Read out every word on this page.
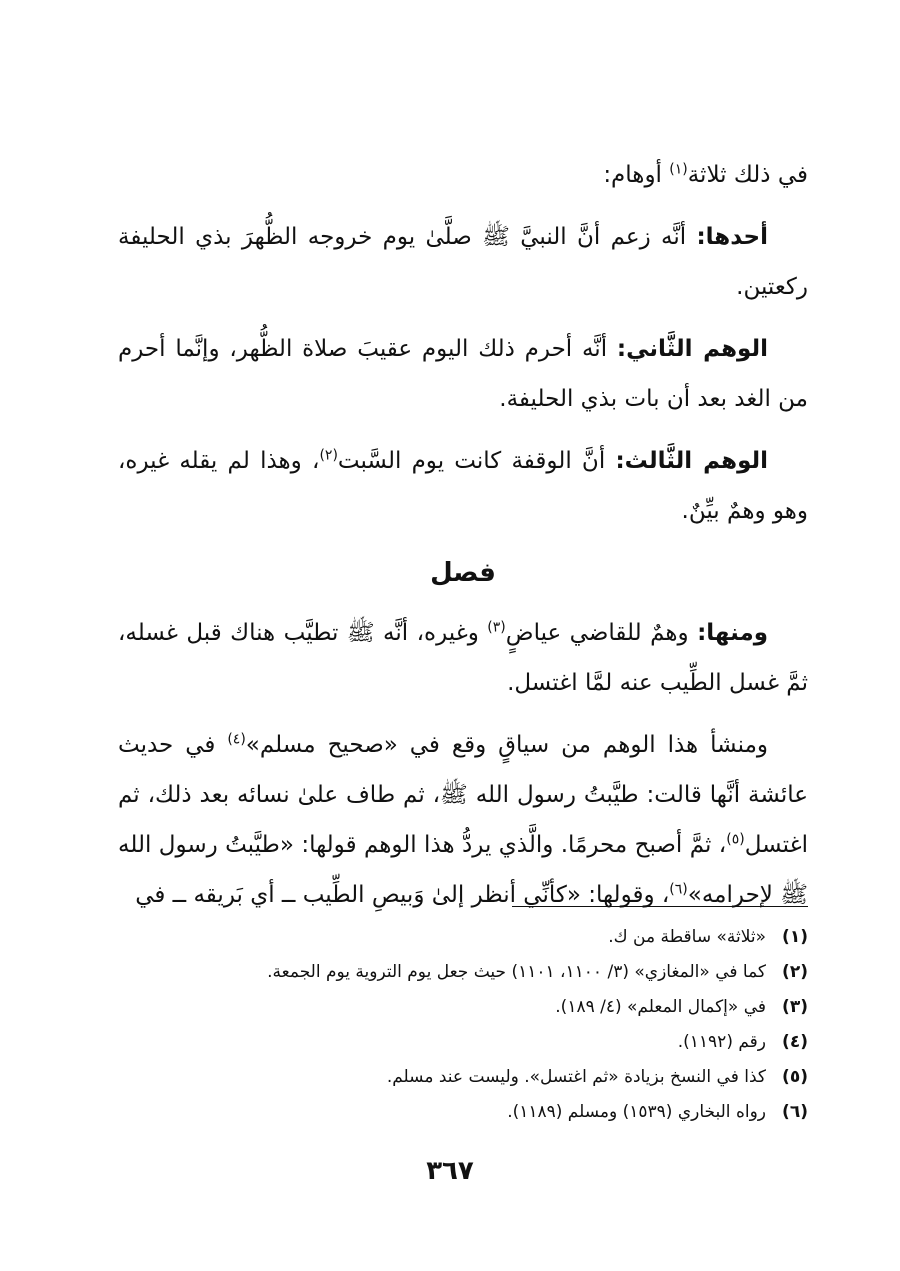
في ذلك ثلاثة$^{(١)}$ أوهام:

أحدها: أنَّه زعم أنَّ النبيَّ ﷺ صلَّىٰ يوم خروجه الظُّهرَ بذي الحليفة ركعتين.

الوهم الثَّاني: أنَّه أحرم ذلك اليوم عقيبَ صلاة الظُّهر، وإنَّما أحرم من الغد بعد أن بات بذي الحليفة.

الوهم الثَّالث: أنَّ الوقفة كانت يوم السَّبت$^{(٢)}$، وهذا لم يقله غيره، وهو وهمٌ بيِّنٌ.

فصل

ومنها: وهمٌ للقاضي عياضٍ$^{(٣)}$ وغيره، أنَّه ﷺ تطيَّب هناك قبل غسله، ثمَّ غسل الطِّيب عنه لمَّا اغتسل.

ومنشأ هذا الوهم من سياقٍ وقع في «صحيح مسلم»$^{(٤)}$ في حديث عائشة أنَّها قالت: طيَّبتُ رسول الله ﷺ، ثم طاف علىٰ نسائه بعد ذلك، ثم اغتسل$^{(٥)}$، ثمَّ أصبح محرمًا. والَّذي يردُّ هذا الوهم قولها: «طيَّبتُ رسول الله ﷺ لإحرامه»$^{(٦)}$، وقولها: «كأنِّي أنظر إلىٰ وَبيصِ الطِّيب ــ أي بَريقه ــ في

(١)«ثلاثة» ساقطة من ك.
(٢)كما في «المغازي» (٣/ ١١٠٠، ١١٠١) حيث جعل يوم التروية يوم الجمعة.
(٣)في «إكمال المعلم» (٤/ ١٨٩).
(٤)رقم (١١٩٢).
(٥)كذا في النسخ بزيادة «ثم اغتسل». وليست عند مسلم.
(٦)رواه البخاري (١٥٣٩) ومسلم (١١٨٩).
٣٦٧
